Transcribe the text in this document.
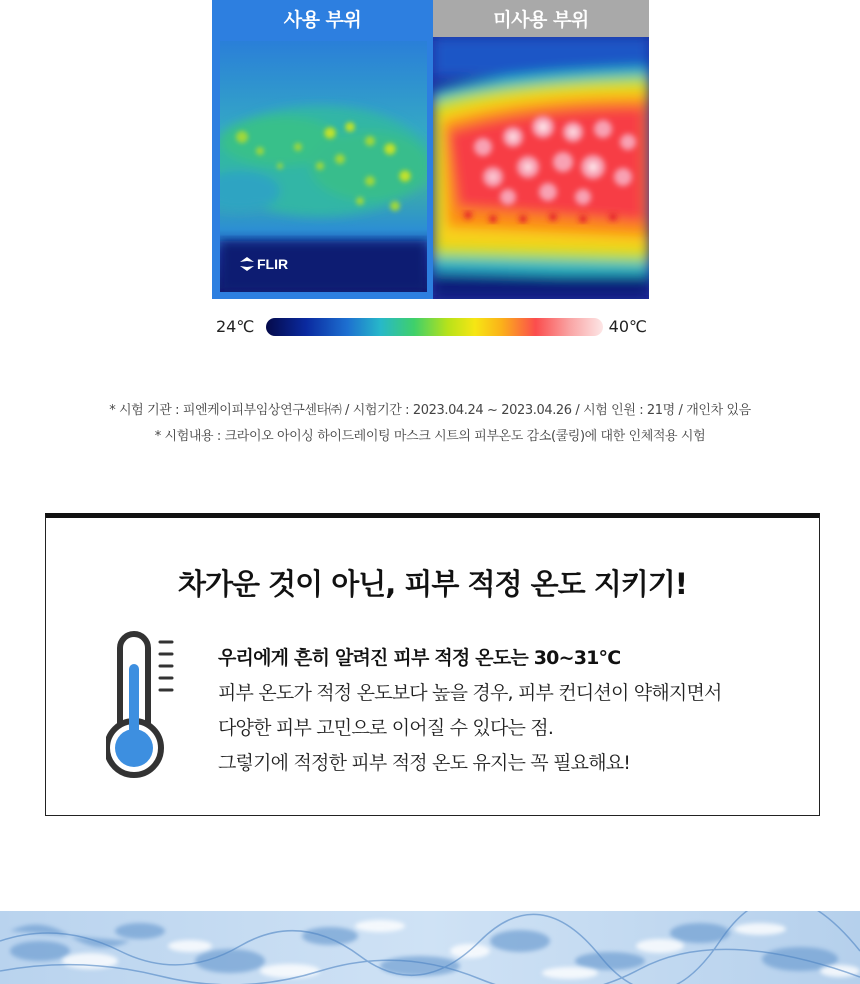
사용 부위	미사용 부위
FLIR
24℃	40℃
* 시험 기관 : 피엔케이피부임상연구센타㈜ / 시험기간 : 2023.04.24 ~ 2023.04.26 / 시험 인원 : 21명 / 개인차 있음
* 시험내용 : 크라이오 아이싱 하이드레이팅 마스크 시트의 피부온도 감소(쿨링)에 대한 인체적용 시험
차가운 것이 아닌, 피부 적정 온도 지키기!
우리에게 흔히 알려진 피부 적정 온도는 30~31°C
피부 온도가 적정 온도보다 높을 경우, 피부 컨디션이 약해지면서
다양한 피부 고민으로 이어질 수 있다는 점.
그렇기에 적정한 피부 적정 온도 유지는 꼭 필요해요!
